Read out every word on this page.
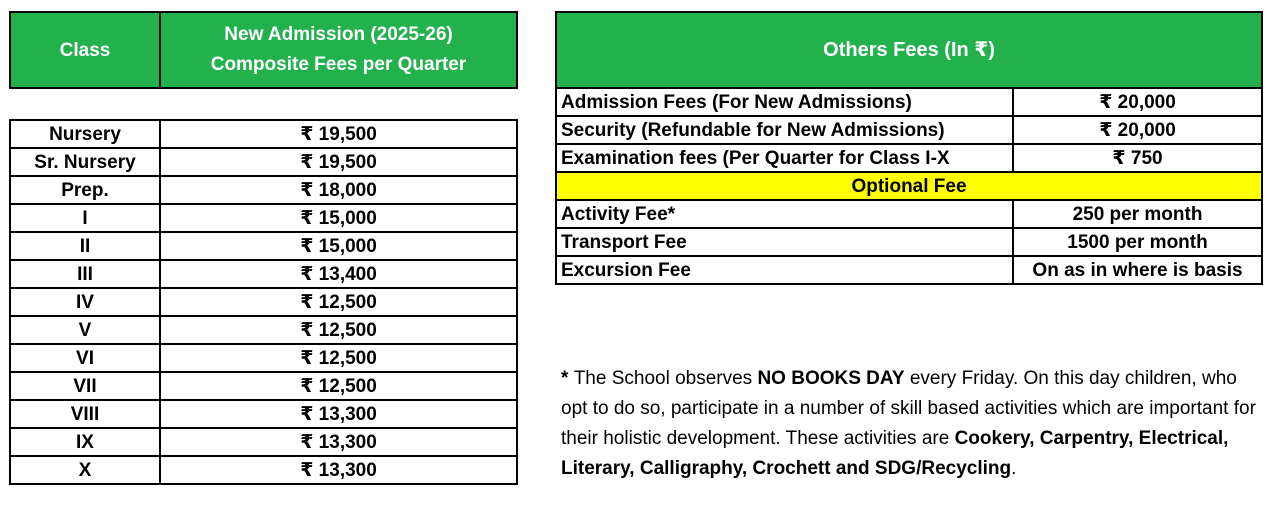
Class	New Admission (2025-26)
Composite Fees per Quarter
Nursery	₹ 19,500
Sr. Nursery	₹ 19,500
Prep.	₹ 18,000
I	₹ 15,000
II	₹ 15,000
III	₹ 13,400
IV	₹ 12,500
V	₹ 12,500
VI	₹ 12,500
VII	₹ 12,500
VIII	₹ 13,300
IX	₹ 13,300
X	₹ 13,300
Others Fees (In ₹)	
Admission Fees (For New Admissions)	₹ 20,000
Security (Refundable for New Admissions)	₹ 20,000
Examination fees (Per Quarter for Class I-X	₹ 750
Optional Fee	
Activity Fee*	250 per month
Transport Fee	1500 per month
Excursion Fee	On as in where is basis

* The School observes NO BOOKS DAY every Friday. On this day children, who opt to do so, participate in a number of skill based activities which are important for their holistic development. These activities are Cookery, Carpentry, Electrical, Literary, Calligraphy, Crochett and SDG/Recycling.
